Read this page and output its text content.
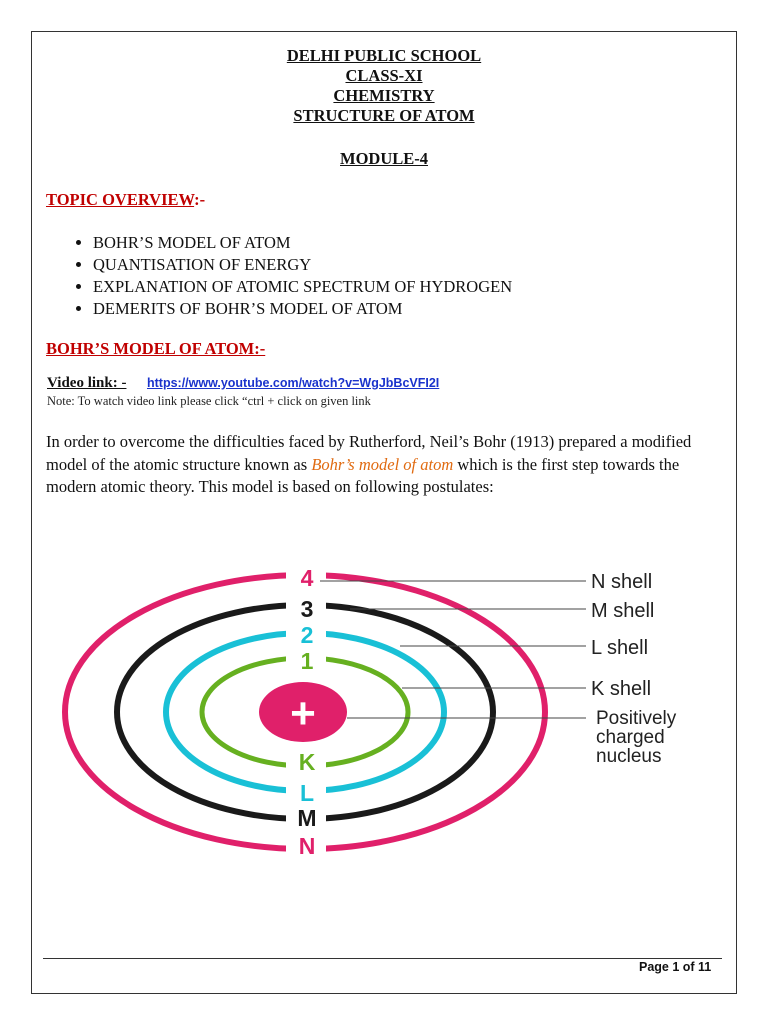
DELHI PUBLIC SCHOOL
CLASS-XI
CHEMISTRY
STRUCTURE OF ATOM
MODULE-4
TOPIC OVERVIEW:-
• BOHR’S MODEL OF ATOM
• QUANTISATION OF ENERGY
• EXPLANATION OF ATOMIC SPECTRUM OF HYDROGEN
• DEMERITS OF BOHR’S MODEL OF ATOM
BOHR’S MODEL OF ATOM:-
Video link: - https://www.youtube.com/watch?v=WgJbBcVFI2I
Note: To watch video link please click “ctrl + click on given link
In order to overcome the difficulties faced by Rutherford, Neil’s Bohr (1913) prepared a modified model of the atomic structure known as Bohr’s model of atom which is the first step towards the modern atomic theory. This model is based on following postulates:
4
3
2
1
+
K
L
M
N
N shell
M shell
L shell
K shell
Positively
charged
nucleus
Page 1 of 11
